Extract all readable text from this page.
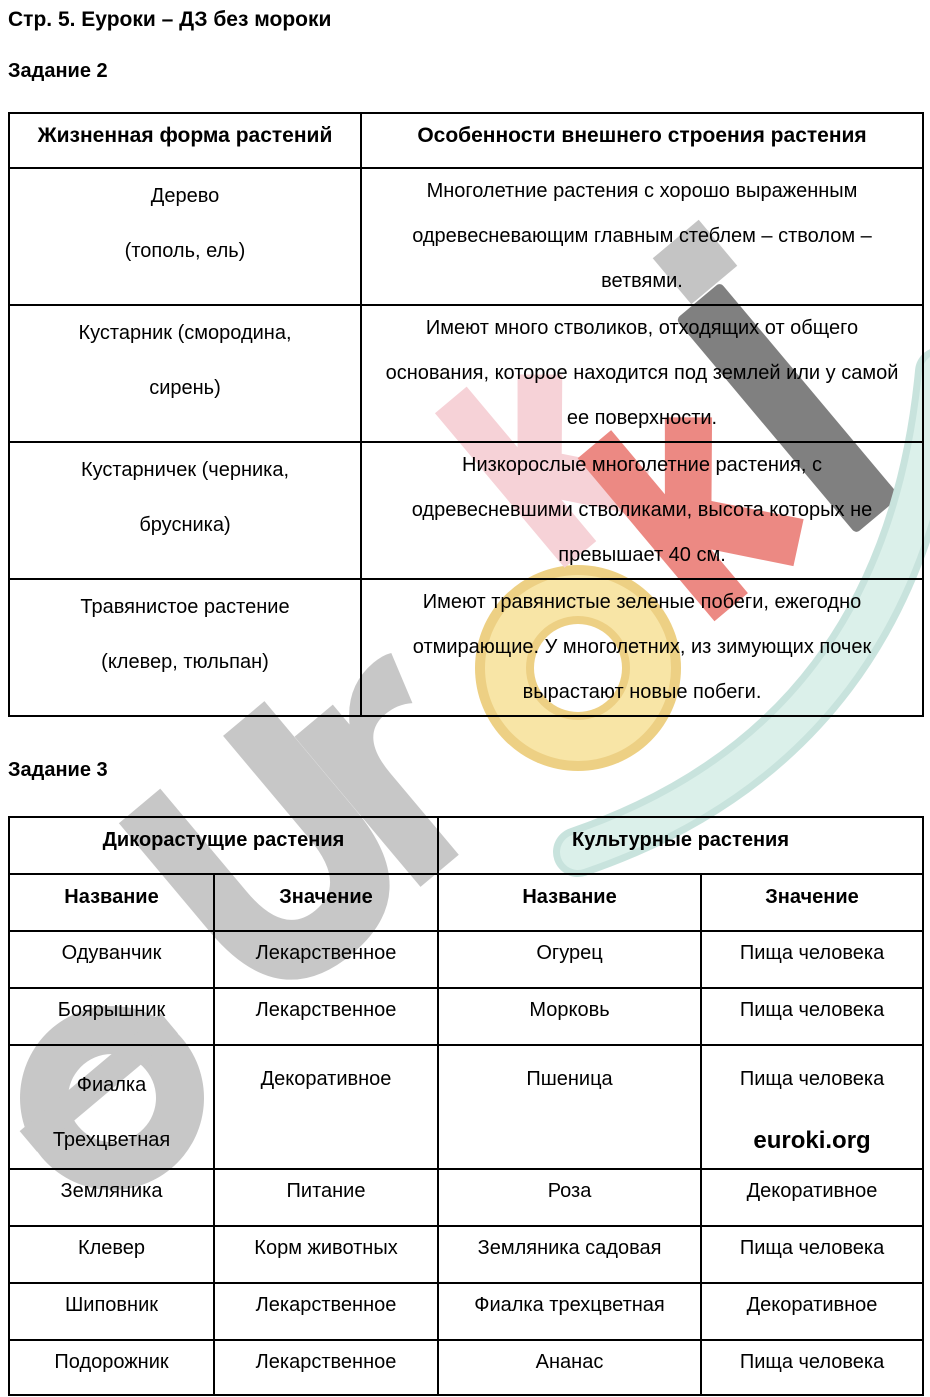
Стр. 5. Еуроки – ДЗ без мороки
Задание 2
Жизненная форма растений	Особенности внешнего строения растения

Дерево
(тополь, ель)	Многолетние растения с хорошо выраженным одревесневающим главным стеблем – стволом – ветвями.

Кустарник (смородина,
сирень)	Имеют много стволиков, отходящих от общего основания, которое находится под землей или у самой ее поверхности.

Кустарничек (черника,
брусника)	Низкорослые многолетние растения, с одревесневшими стволиками, высота которых не превышает 40 см.

Травянистое растение
(клевер, тюльпан)	Имеют травянистые зеленые побеги, ежегодно отмирающие. У многолетних, из зимующих почек вырастают новые побеги.
Задание 3
Дикорастущие растения		Культурные растения	
Название	Значение	Название	Значение
Одуванчик	Лекарственное	Огурец	Пища человека
Боярышник	Лекарственное	Морковь	Пища человека

Фиалка
Трехцветная
	Декоративное	Пшеница	Пища человека
euroki.org

Земляника	Питание	Роза	Декоративное
Клевер	Корм животных	Земляника садовая	Пища человека
Шиповник	Лекарственное	Фиалка трехцветная	Декоративное
Подорожник	Лекарственное	Ананас	Пища человека
